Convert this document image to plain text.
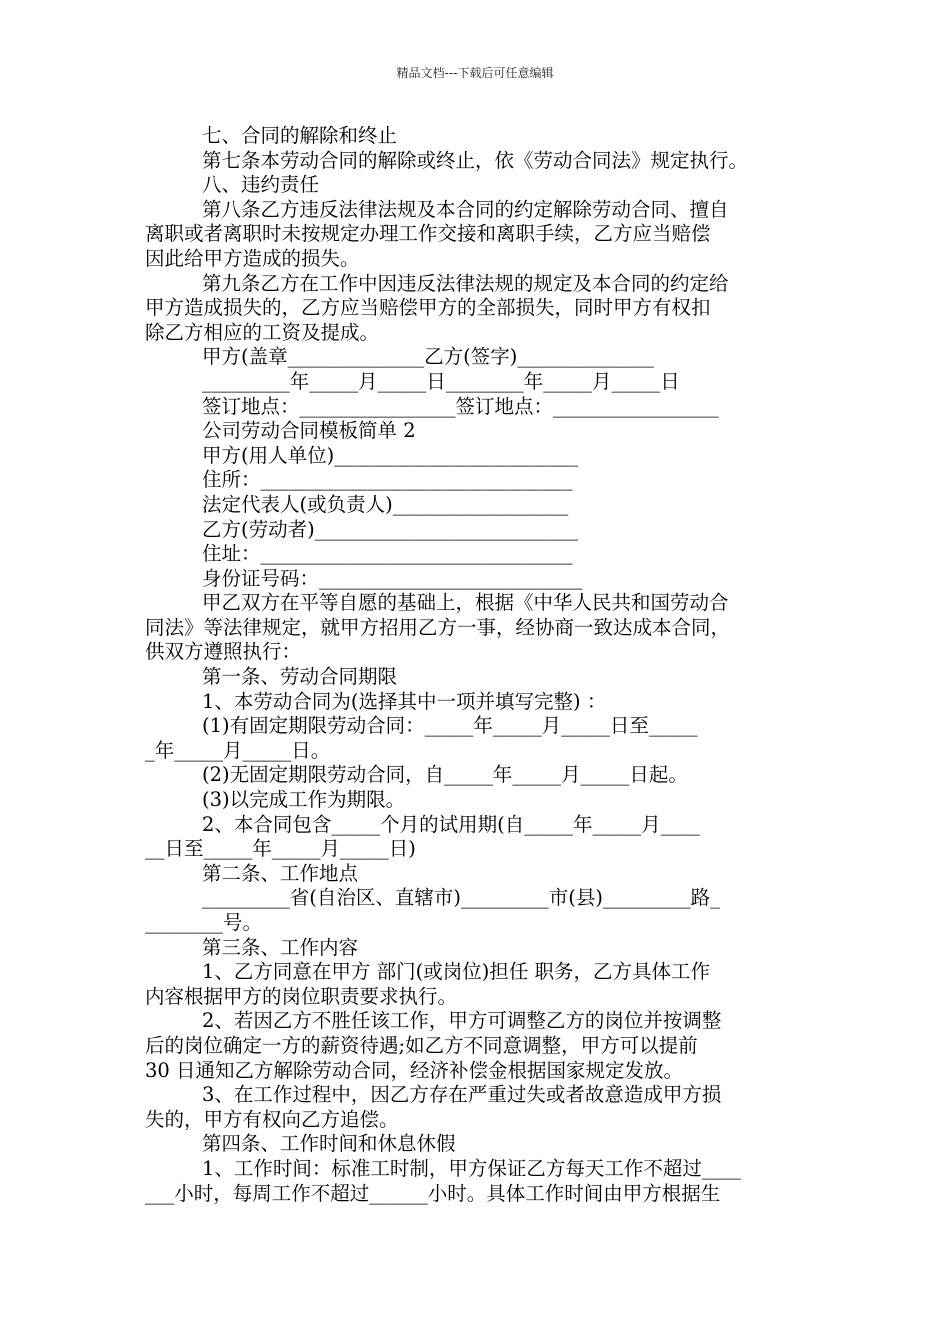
精品文档---下载后可任意编辑

七、合同的解除和终止

第七条本劳动合同的解除或终止，依《劳动合同法》规定执行。

八、违约责任

第八条乙方违反法律法规及本合同的约定解除劳动合同、擅自

离职或者离职时未按规定办理工作交接和离职手续，乙方应当赔偿

因此给甲方造成的损失。

第九条乙方在工作中因违反法律法规的规定及本合同的约定给

甲方造成损失的，乙方应当赔偿甲方的全部损失，同时甲方有权扣

除乙方相应的工资及提成。

甲方(盖章______________乙方(签字)______________

_________年_____月_____日________年_____月_____日

签订地点：________________签订地点：_________________

公司劳动合同模板简单 2

甲方(用人单位)_________________________

住所：________________________________

法定代表人(或负责人)__________________

乙方(劳动者)___________________________

住址：________________________________

身份证号码：___________________________

甲乙双方在平等自愿的基础上，根据《中华人民共和国劳动合

同法》等法律规定，就甲方招用乙方一事，经协商一致达成本合同，

供双方遵照执行：

第一条、劳动合同期限

1、本劳动合同为(选择其中一项并填写完整) ：

(1)有固定期限劳动合同：_____年_____月_____日至_____

_年_____月_____日。

(2)无固定期限劳动合同，自_____年_____月_____日起。

(3)以完成工作为期限。

2、本合同包含_____个月的试用期(自_____年_____月____

__日至_____年_____月_____日)

第二条、工作地点

_________省(自治区、直辖市)_________市(县)_________路_

________号。

第三条、工作内容

1、乙方同意在甲方 部门(或岗位)担任 职务，乙方具体工作

内容根据甲方的岗位职责要求执行。

2、若因乙方不胜任该工作，甲方可调整乙方的岗位并按调整

后的岗位确定一方的薪资待遇;如乙方不同意调整，甲方可以提前

30 日通知乙方解除劳动合同，经济补偿金根据国家规定发放。

3、在工作过程中，因乙方存在严重过失或者故意造成甲方损

失的，甲方有权向乙方追偿。

第四条、工作时间和休息休假

1、工作时间：标准工时制，甲方保证乙方每天工作不超过____

___小时，每周工作不超过______小时。具体工作时间由甲方根据生
